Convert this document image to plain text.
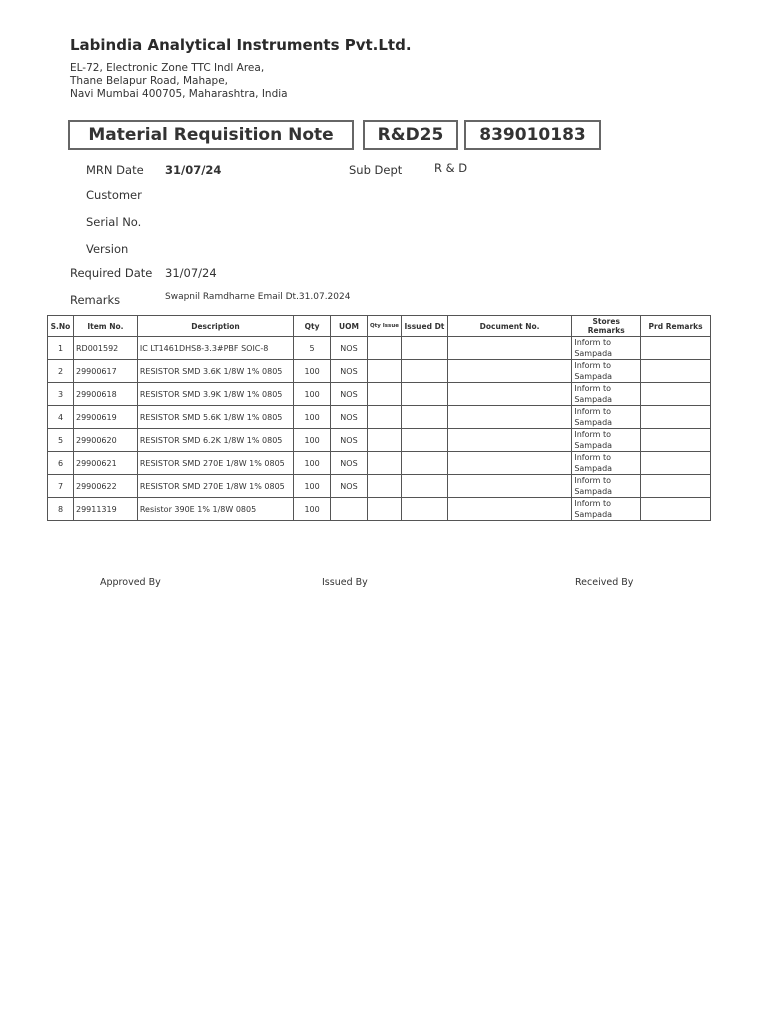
Labindia Analytical Instruments Pvt.Ltd.
EL-72, Electronic Zone TTC Indl Area,
Thane Belapur Road, Mahape,
Navi Mumbai 400705, Maharashtra, India
Material Requisition Note	R&D25 839010183
MRN Date 31/07/24	Sub Dept	R & D
Customer
Serial No.
Version
Required Date 31/07/24
Remarks	Swapnil Ramdharne Email Dt.31.07.2024
S.No	Item No.	Description	Qty	UOM	Qty Issue	Issued Dt	Document No.	Stores Remarks	Prd Remarks
1	RD001592	IC LT1461DHS8-3.3#PBF SOIC-8	5	NOS				Inform to Sampada	
2	29900617	RESISTOR SMD 3.6K 1/8W 1% 0805	100	NOS				Inform to Sampada	
3	29900618	RESISTOR SMD 3.9K 1/8W 1% 0805	100	NOS				Inform to Sampada	
4	29900619	RESISTOR SMD 5.6K 1/8W 1% 0805	100	NOS				Inform to Sampada	
5	29900620	RESISTOR SMD 6.2K 1/8W 1% 0805	100	NOS				Inform to Sampada	
6	29900621	RESISTOR SMD 270E 1/8W 1% 0805	100	NOS				Inform to Sampada	
7	29900622	RESISTOR SMD 270E 1/8W 1% 0805	100	NOS				Inform to Sampada	
8	29911319	Resistor 390E 1% 1/8W 0805	100					Inform to Sampada	
Approved By	Issued By	Received By
